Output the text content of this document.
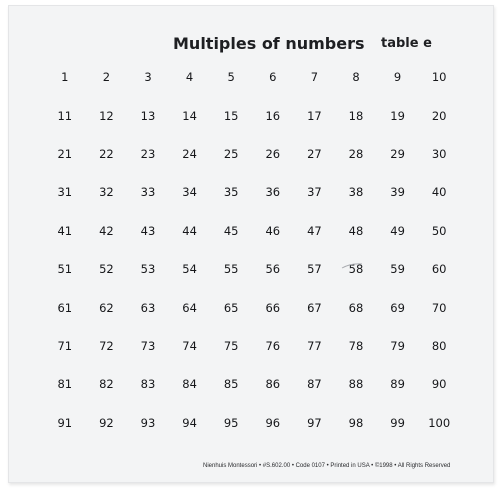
Multiples of numbers table e
1	2	3	4	5	6	7	8	9	10
11	12	13	14	15	16	17	18	19	20
21	22	23	24	25	26	27	28	29	30
31	32	33	34	35	36	37	38	39	40
41	42	43	44	45	46	47	48	49	50
51	52	53	54	55	56	57	58	59	60
61	62	63	64	65	66	67	68	69	70
71	72	73	74	75	76	77	78	79	80
81	82	83	84	85	86	87	88	89	90
91	92	93	94	95	96	97	98	99	100
Nienhuis Montessori • #S.602.00 • Code 0107 • Printed in USA • ©1998 • All Rights Reserved
